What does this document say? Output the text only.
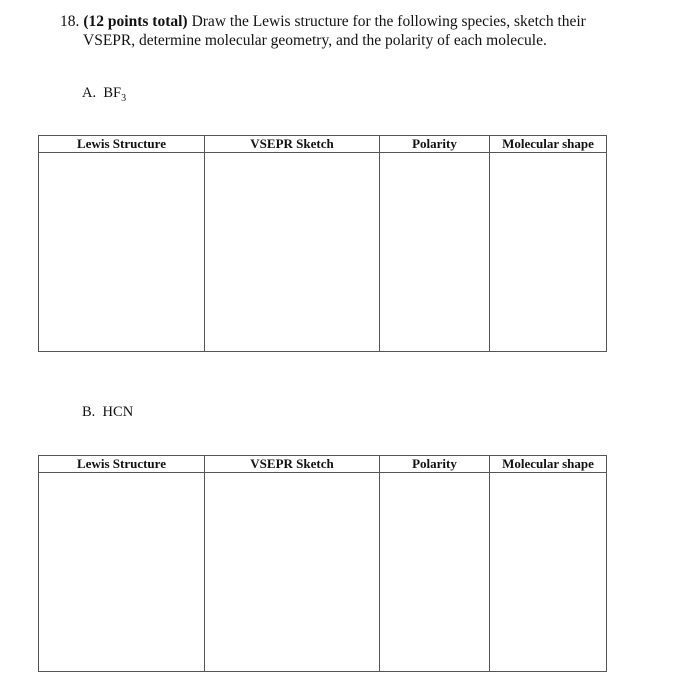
18. (12 points total) Draw the Lewis structure for the following species, sketch their
VSEPR, determine molecular geometry, and the polarity of each molecule.
A. $BF_3$
Lewis Structure	VSEPR Sketch	Polarity	Molecular shape

B. HCN
Lewis Structure	VSEPR Sketch	Polarity	Molecular shape
